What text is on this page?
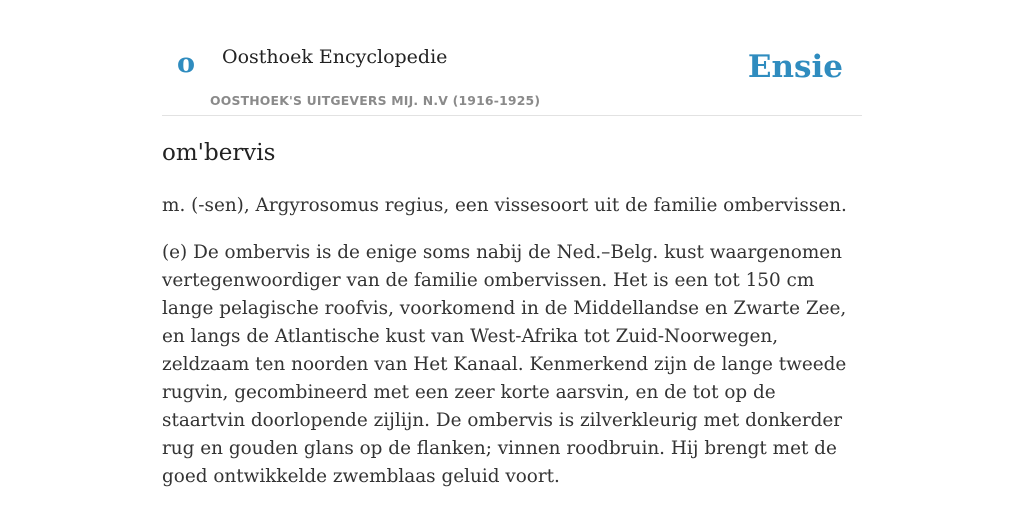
o Oosthoek Encyclopedie
OOSTHOEK'S UITGEVERS MIJ. N.V (1916-1925)
Ensie
om'bervis

m. (-sen), Argyrosomus regius, een vissesoort uit de familie ombervissen.

(e) De ombervis is de enige soms nabij de Ned.–Belg. kust waargenomen vertegenwoordiger van de familie ombervissen. Het is een tot 150 cm lange pelagische roofvis, voorkomend in de Middellandse en Zwarte Zee, en langs de Atlantische kust van West-Afrika tot Zuid-Noorwegen, zeldzaam ten noorden van Het Kanaal. Kenmerkend zijn de lange tweede rugvin, gecombineerd met een zeer korte aarsvin, en de tot op de staartvin doorlopende zijlijn. De ombervis is zilverkleurig met donkerder rug en gouden glans op de flanken; vinnen roodbruin. Hij brengt met de goed ontwikkelde zwemblaas geluid voort.
